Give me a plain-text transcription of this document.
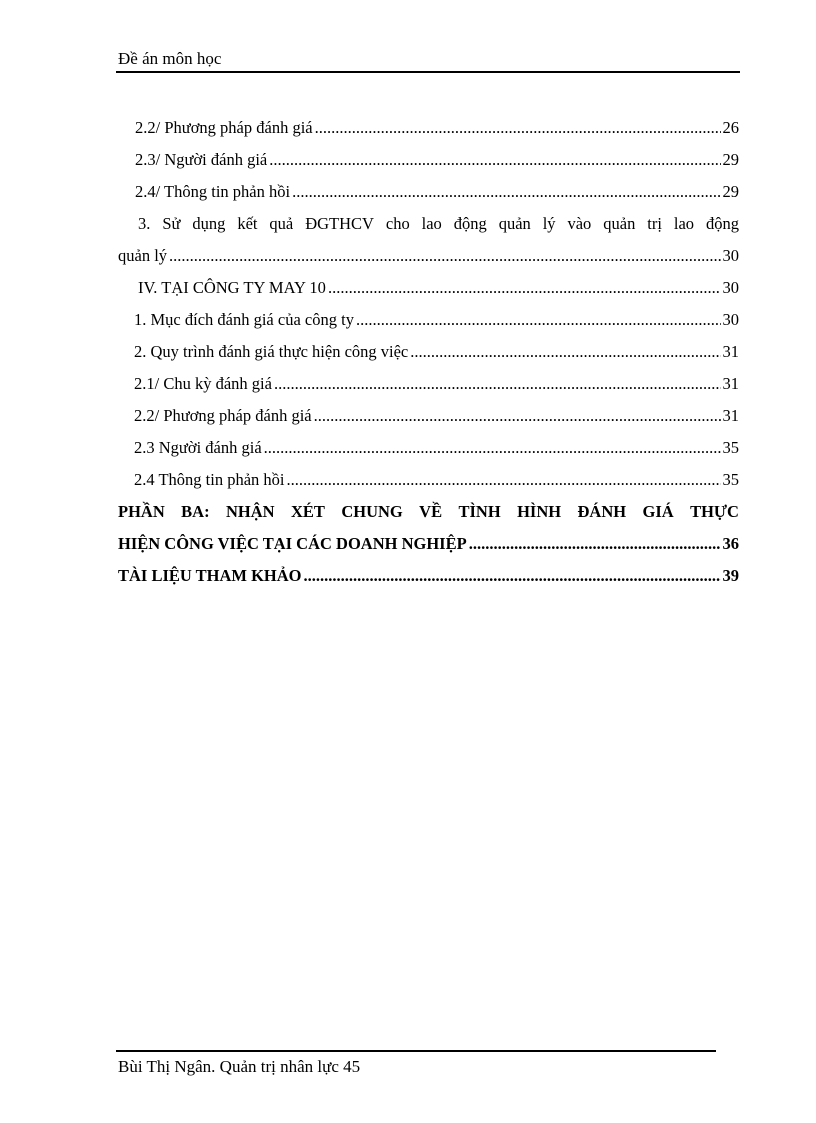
Đề án môn học
2.2/ Phương pháp đánh giá .....	26
2.3/ Người đánh giá .....	29
2.4/ Thông tin phản hồi .....	29
3. Sử dụng kết quả ĐGTHCV cho lao động quản lý vào quản trị lao động
quản lý .....	30
IV. TẠI CÔNG TY MAY 10 .....	30
1. Mục đích đánh giá của công ty .....	30
2. Quy trình đánh giá thực hiện công việc .....	31
2.1/ Chu kỳ đánh giá .....	31
2.2/ Phương pháp đánh giá .....	31
2.3 Người đánh giá .....	35
2.4 Thông tin phản hồi .....	35
PHẦN BA: NHẬN XÉT CHUNG VỀ TÌNH HÌNH ĐÁNH GIÁ THỰC
HIỆN CÔNG VIỆC TẠI CÁC DOANH NGHIỆP .....	36
TÀI LIỆU THAM KHẢO .....	39
Bùi Thị Ngân. Quản trị nhân lực 45
